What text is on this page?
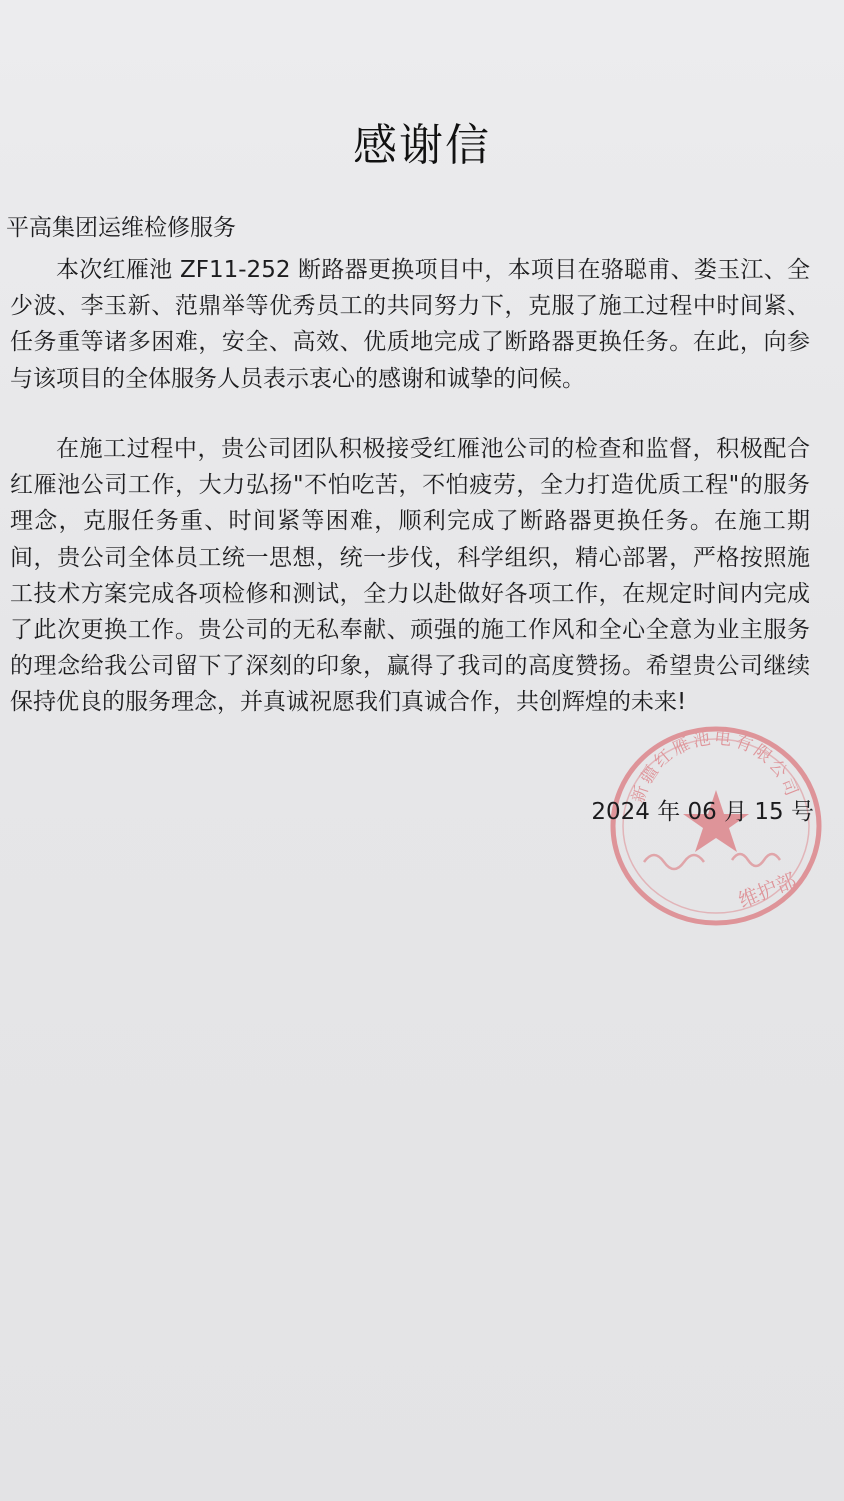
感谢信

平高集团运维检修服务

本次红雁池 ZF11-252 断路器更换项目中，本项目在骆聪甫、娄玉江、全少波、李玉新、范鼎举等优秀员工的共同努力下，克服了施工过程中时间紧、任务重等诸多困难，安全、高效、优质地完成了断路器更换任务。在此，向参与该项目的全体服务人员表示衷心的感谢和诚挚的问候。

在施工过程中，贵公司团队积极接受红雁池公司的检查和监督，积极配合红雁池公司工作，大力弘扬"不怕吃苦，不怕疲劳，全力打造优质工程"的服务理念，克服任务重、时间紧等困难，顺利完成了断路器更换任务。在施工期间，贵公司全体员工统一思想，统一步伐，科学组织，精心部署，严格按照施工技术方案完成各项检修和测试，全力以赴做好各项工作，在规定时间内完成了此次更换工作。贵公司的无私奉献、顽强的施工作风和全心全意为业主服务的理念给我公司留下了深刻的印象，赢得了我司的高度赞扬。希望贵公司继续保持优良的服务理念，并真诚祝愿我们真诚合作，共创辉煌的未来!

新疆红雁池电有限公司
维护部

2024 年 06 月 15 号
